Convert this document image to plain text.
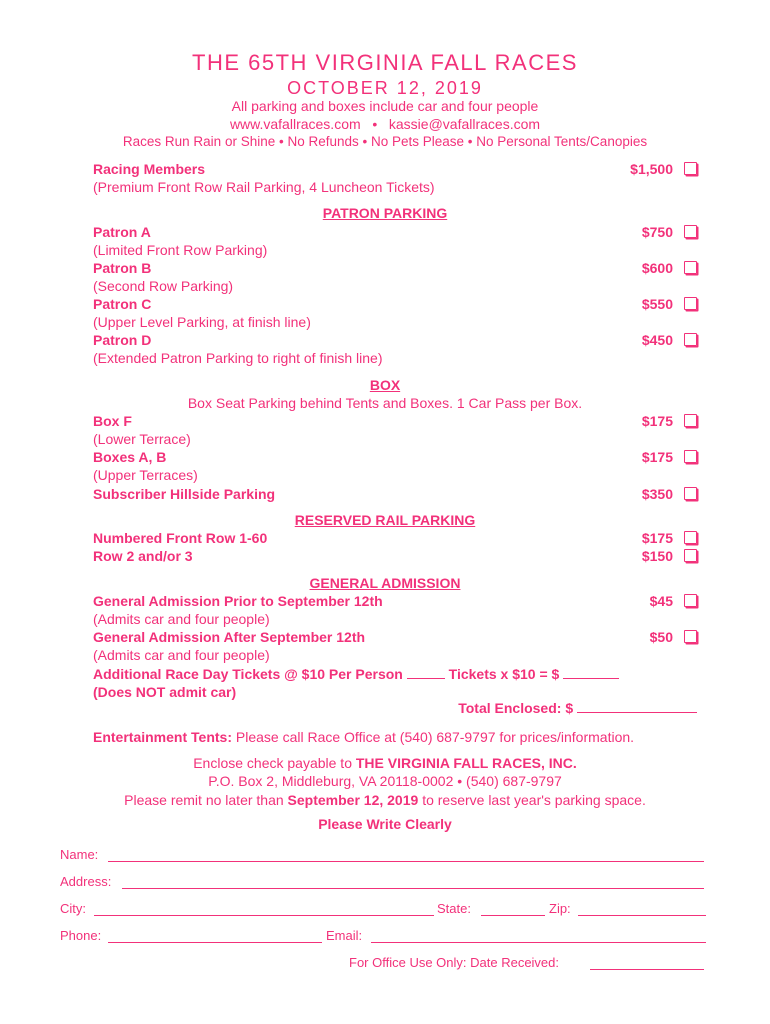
THE 65TH VIRGINIA FALL RACES
OCTOBER 12, 2019
All parking and boxes include car and four people
www.vafallraces.com • kassie@vafallraces.com
Races Run Rain or Shine • No Refunds • No Pets Please • No Personal Tents/Canopies
Racing Members	$1,500
(Premium Front Row Rail Parking, 4 Luncheon Tickets)
PATRON PARKING
Patron A	$750
(Limited Front Row Parking)
Patron B	$600
(Second Row Parking)
Patron C	$550
(Upper Level Parking, at finish line)
Patron D	$450
(Extended Patron Parking to right of finish line)
BOX
Box Seat Parking behind Tents and Boxes. 1 Car Pass per Box.
Box F	$175
(Lower Terrace)
Boxes A, B	$175
(Upper Terraces)
Subscriber Hillside Parking	$350
RESERVED RAIL PARKING
Numbered Front Row 1-60	$175
Row 2 and/or 3	$150
GENERAL ADMISSION
General Admission Prior to September 12th	$45
(Admits car and four people)
General Admission After September 12th	$50
(Admits car and four people)
Additional Race Day Tickets @ $10 Per Person	Tickets x $10 = $
(Does NOT admit car)
Total Enclosed: $
Entertainment Tents: Please call Race Office at (540) 687-9797 for prices/information.
Enclose check payable to THE VIRGINIA FALL RACES, INC.
P.O. Box 2, Middleburg, VA 20118-0002 • (540) 687-9797
Please remit no later than September 12, 2019 to reserve last year's parking space.
Please Write Clearly
Name:
Address:
City:	State:	Zip:
Phone:	Email:
For Office Use Only: Date Received:
